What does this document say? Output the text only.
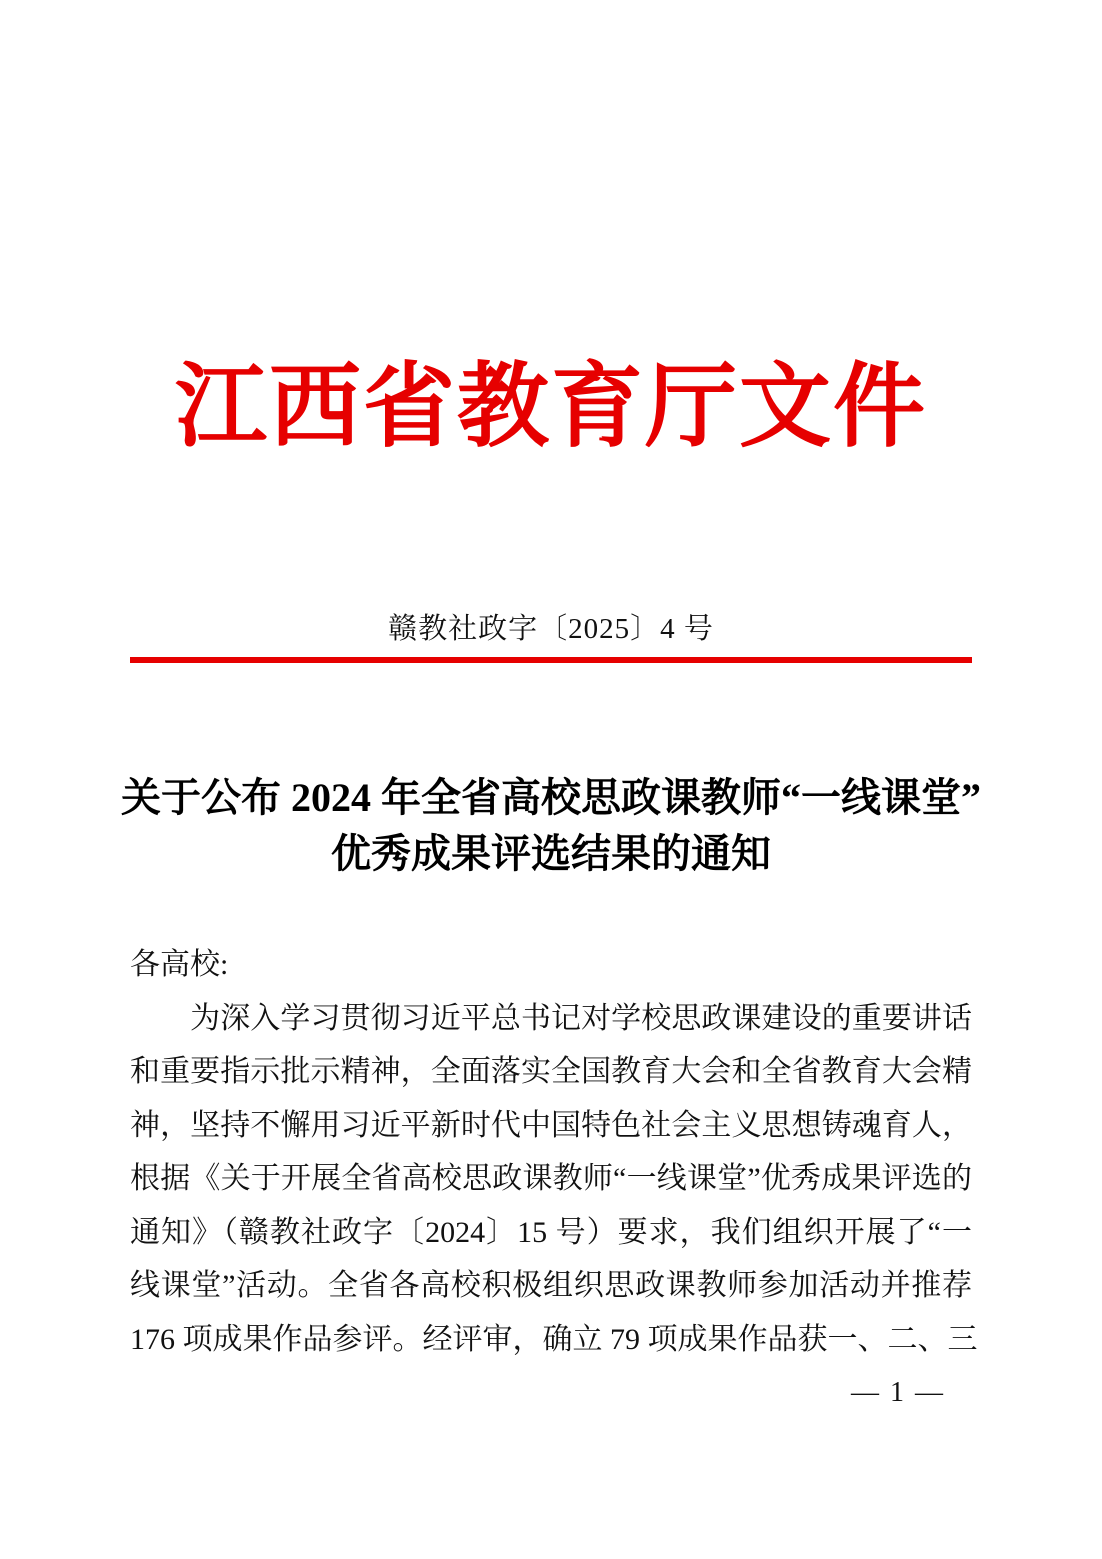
江西省教育厅文件
赣教社政字〔2025〕4 号
关于公布 2024 年全省高校思政课教师“一线课堂”
优秀成果评选结果的通知
各高校:
　　为深入学习贯彻习近平总书记对学校思政课建设的重要讲话
和重要指示批示精神，全面落实全国教育大会和全省教育大会精
神，坚持不懈用习近平新时代中国特色社会主义思想铸魂育人，
根据《关于开展全省高校思政课教师“一线课堂”优秀成果评选的
通知》（赣教社政字〔2024〕15 号）要求，我们组织开展了“一
线课堂”活动。全省各高校积极组织思政课教师参加活动并推荐
176 项成果作品参评。经评审，确立 79 项成果作品获一、二、三
— 1 —
